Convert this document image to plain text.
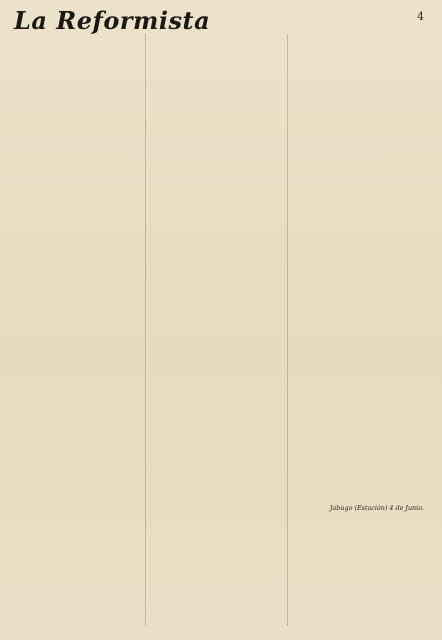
La Reformista	4

Jabugo (Estación) 4 de Junio.
